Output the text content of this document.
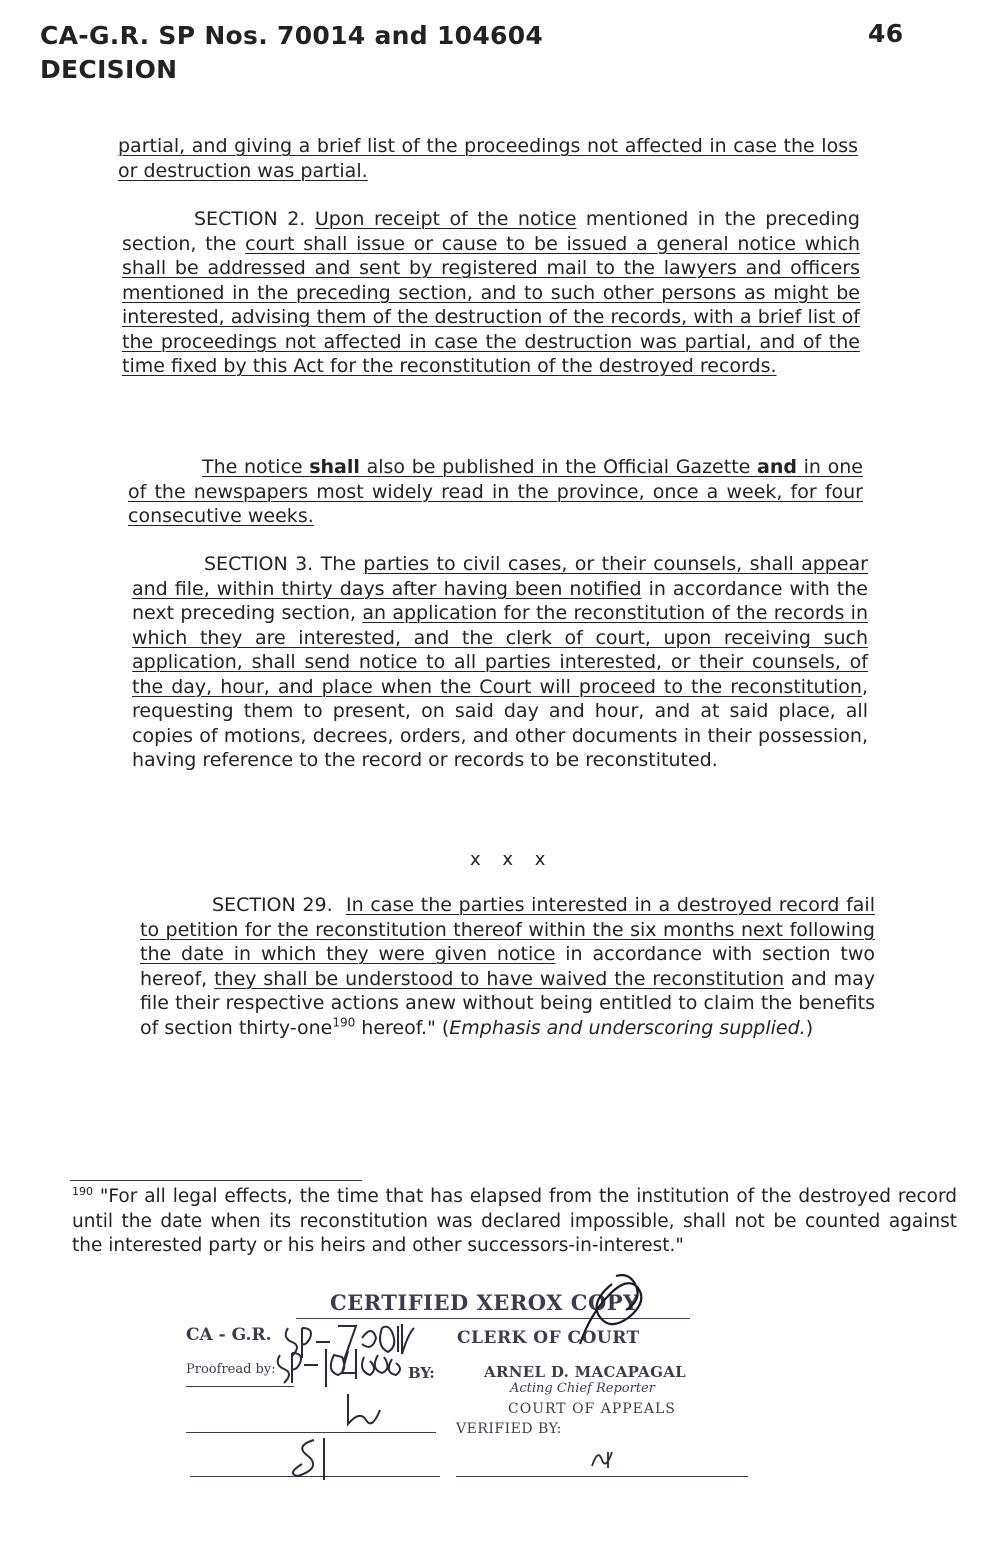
CA-G.R. SP Nos. 70014 and 104604
DECISION
46

partial, and giving a brief list of the proceedings not affected in case the loss or destruction was partial.

SECTION 2. Upon receipt of the notice mentioned in the preceding section, the court shall issue or cause to be issued a general notice which shall be addressed and sent by registered mail to the lawyers and officers mentioned in the preceding section, and to such other persons as might be interested, advising them of the destruction of the records, with a brief list of the proceedings not affected in case the destruction was partial, and of the time fixed by this Act for the reconstitution of the destroyed records.

The notice shall also be published in the Official Gazette and in one of the newspapers most widely read in the province, once a week, for four consecutive weeks.

SECTION 3. The parties to civil cases, or their counsels, shall appear and file, within thirty days after having been notified in accordance with the next preceding section, an application for the reconstitution of the records in which they are interested, and the clerk of court, upon receiving such application, shall send notice to all parties interested, or their counsels, of the day, hour, and place when the Court will proceed to the reconstitution, requesting them to present, on said day and hour, and at said place, all copies of motions, decrees, orders, and other documents in their possession, having reference to the record or records to be reconstituted.

x x x

SECTION 29. In case the parties interested in a destroyed record fail to petition for the reconstitution thereof within the six months next following the date in which they were given notice in accordance with section two hereof, they shall be understood to have waived the reconstitution and may file their respective actions anew without being entitled to claim the benefits of section thirty-one$^{190}$ hereof." (Emphasis and underscoring supplied.)

$^{190}$ "For all legal effects, the time that has elapsed from the institution of the destroyed record until the date when its reconstitution was declared impossible, shall not be counted against the interested party or his heirs and other successors-in-interest."
CERTIFIED XEROX COPY
CA - G.R.	CLERK OF COURT
Proofread by:	BY:	ARNEL D. MACAPAGAL
Acting Chief Reporter
COURT OF APPEALS
VERIFIED BY:
